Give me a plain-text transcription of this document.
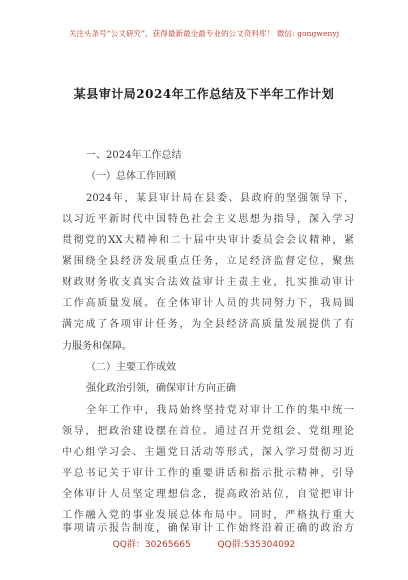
关注头条号“公文研究”，获得最新最全最专业的公文资料库！ 微信: gongwenyj
某县审计局2024年工作总结及下半年工作计划
一、2024年工作总结
（一）总体工作回顾
2024年，某县审计局在县委、县政府的坚强领导下，
以习近平新时代中国特色社会主义思想为指导，深入学习
贯彻党的XX大精神和二十届中央审计委员会会议精神，紧
紧围绕全县经济发展重点任务，立足经济监督定位，聚焦
财政财务收支真实合法效益审计主责主业，扎实推动审计
工作高质量发展。在全体审计人员的共同努力下，我局圆
满完成了各项审计任务，为全县经济高质量发展提供了有
力服务和保障。
（二）主要工作成效
强化政治引领，确保审计方向正确
全年工作中，我局始终坚持党对审计工作的集中统一
领导，把政治建设摆在首位。通过召开党组会、党组理论
中心组学习会、主题党日活动等形式，深入学习贯彻习近
平总书记关于审计工作的重要讲话和指示批示精神，引导
全体审计人员坚定理想信念，提高政治站位，自觉把审计
工作融入党的事业发展总体布局中。同时，严格执行重大
事项请示报告制度，确保审计工作始终沿着正确的政治方
QQ群：30265665	QQ群:535304092
